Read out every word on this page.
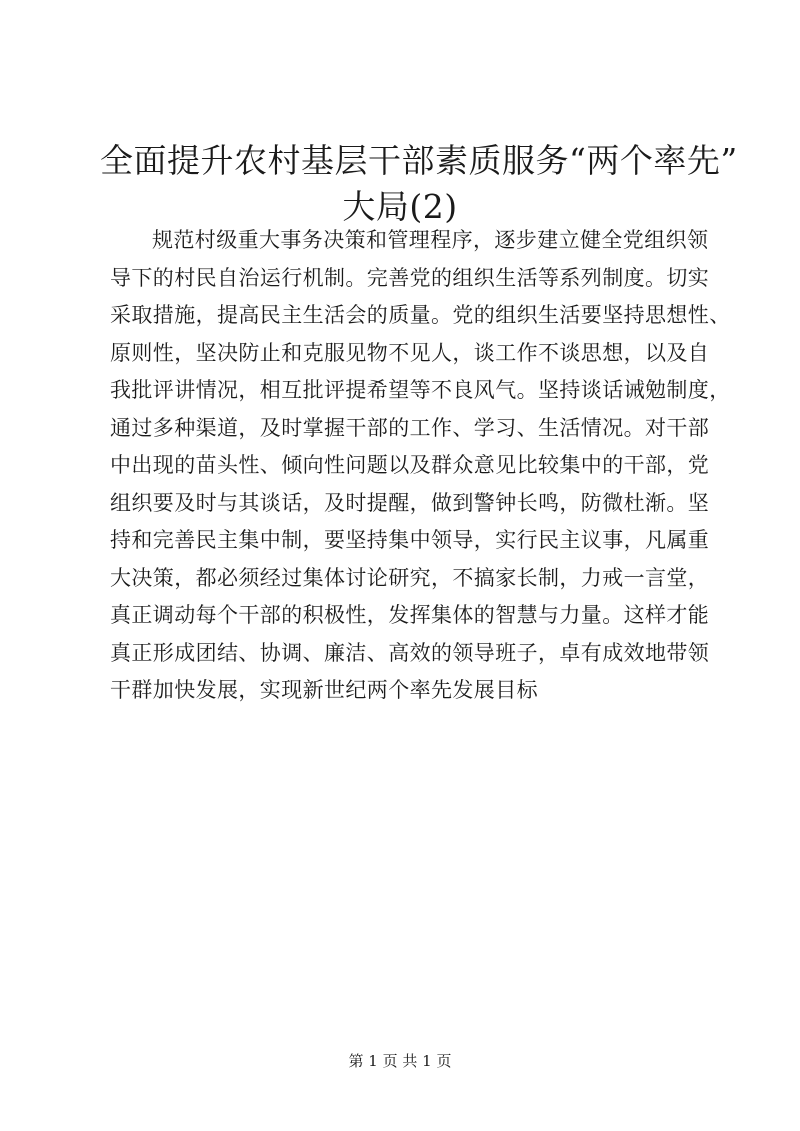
全面提升农村基层干部素质服务“两个率先”
大局(2)
规范村级重大事务决策和管理程序，逐步建立健全党组织领
导下的村民自治运行机制。完善党的组织生活等系列制度。切实
采取措施，提高民主生活会的质量。党的组织生活要坚持思想性、
原则性，坚决防止和克服见物不见人，谈工作不谈思想，以及自
我批评讲情况，相互批评提希望等不良风气。坚持谈话诫勉制度，
通过多种渠道，及时掌握干部的工作、学习、生活情况。对干部
中出现的苗头性、倾向性问题以及群众意见比较集中的干部，党
组织要及时与其谈话，及时提醒，做到警钟长鸣，防微杜渐。坚
持和完善民主集中制，要坚持集中领导，实行民主议事，凡属重
大决策，都必须经过集体讨论研究，不搞家长制，力戒一言堂，
真正调动每个干部的积极性，发挥集体的智慧与力量。这样才能
真正形成团结、协调、廉洁、高效的领导班子，卓有成效地带领
干群加快发展，实现新世纪两个率先发展目标
第 1 页 共 1 页
